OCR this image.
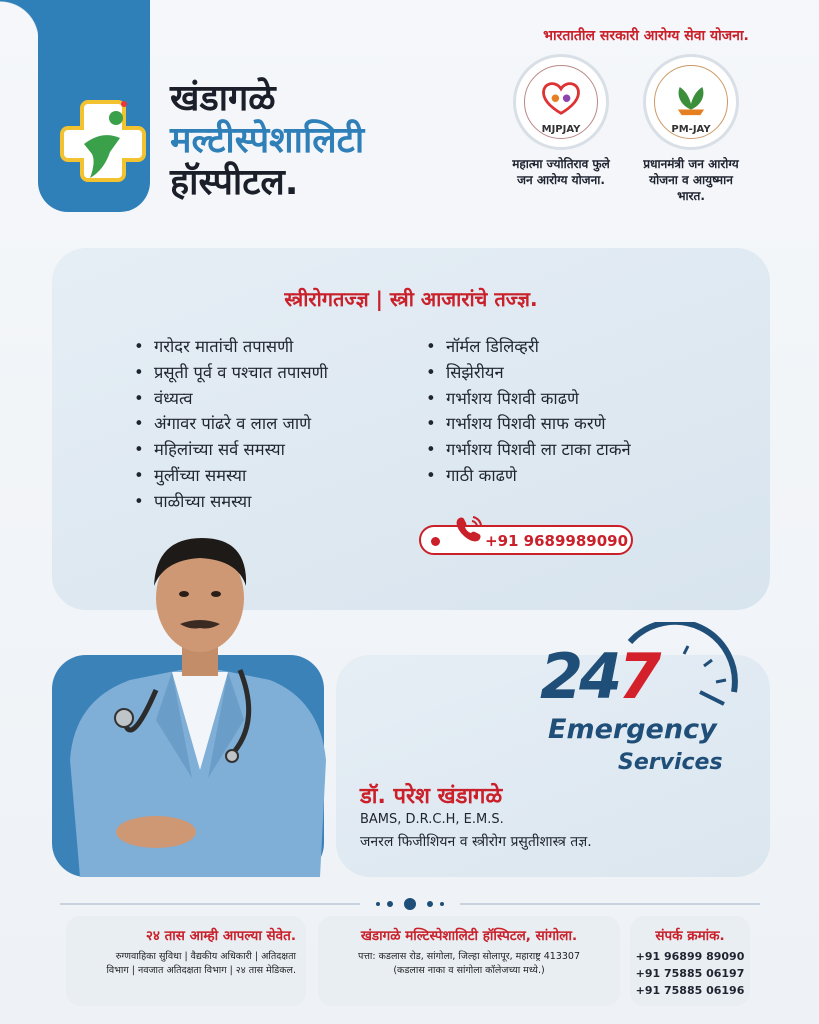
खंडागळे
मल्टीस्पेशालिटी
हॉस्पीटल.
भारतातील सरकारी आरोग्य सेवा योजना.
MJPJAY
महात्मा ज्योतिराव फुले
जन आरोग्य योजना.
PM-JAY
प्रधानमंत्री जन आरोग्य
योजना व आयुष्मान
भारत.
स्त्रीरोगतज्ज्ञ | स्त्री आजारांचे तज्ज्ञ.
• गरोदर मातांची तपासणी
• प्रसूती पूर्व व पश्चात तपासणी
• वंध्यत्व
• अंगावर पांढरे व लाल जाणे
• महिलांच्या सर्व समस्या
• मुलींच्या समस्या
• पाळीच्या समस्या
• नॉर्मल डिलिव्हरी
• सिझेरीयन
• गर्भाशय पिशवी काढणे
• गर्भाशय पिशवी साफ करणे
• गर्भाशय पिशवी ला टाका टाकने
• गाठी काढणे
+91 9689989090
247
Emergency
Services
डॉ. परेश खंडागळे
BAMS, D.R.C.H, E.M.S.
जनरल फिजीशियन व स्त्रीरोग प्रसुतीशास्त्र तज्ञ.
२४ तास आम्ही आपल्या सेवेत.
रुग्णवाहिका सुविधा | वैद्यकीय अधिकारी | अतिदक्षता
विभाग | नवजात अतिदक्षता विभाग | २४ तास मेडिकल.
खंडागळे मल्टिस्पेशालिटी हॉस्पिटल, सांगोला.
पत्ता: कडलास रोड, सांगोला, जिल्हा सोलापूर, महाराष्ट्र 413307
(कडलास नाका व सांगोला कॉलेजच्या मध्ये.)
संपर्क क्रमांक.
+91 96899 89090
+91 75885 06197
+91 75885 06196
